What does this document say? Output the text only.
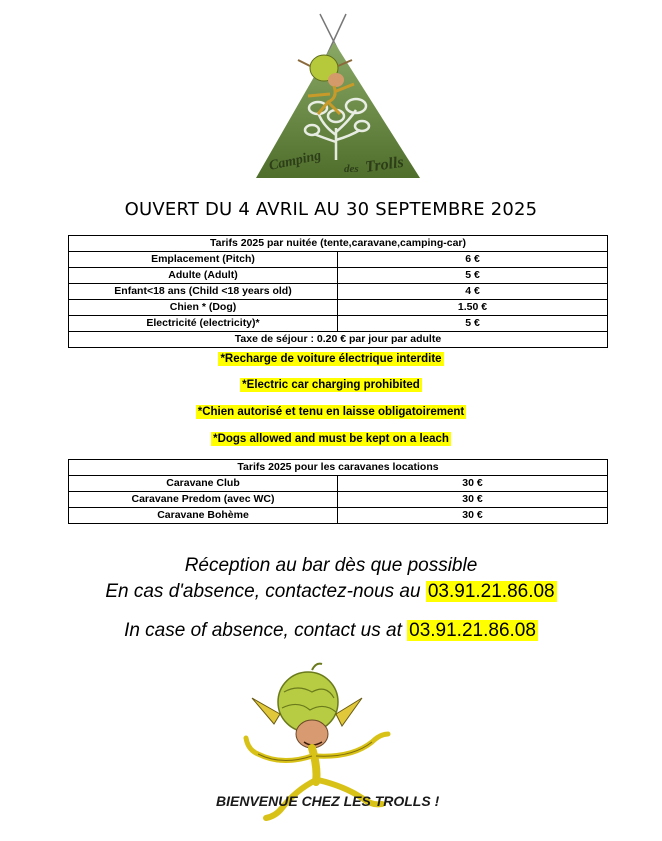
Camping des Trolls
OUVERT DU 4 AVRIL AU 30 SEPTEMBRE 2025
Tarifs 2025 par nuitée (tente,caravane,camping-car)	
Emplacement (Pitch)	6 €
Adulte (Adult)	5 €
Enfant<18 ans (Child <18 years old)	4 €
Chien * (Dog)	1.50 €
Electricité (electricity)*	5 €
Taxe de séjour : 0.20 € par jour par adulte	
*Recharge de voiture électrique interdite
*Electric car charging prohibited
*Chien autorisé et tenu en laisse obligatoirement
*Dogs allowed and must be kept on a leach
Tarifs 2025 pour les caravanes locations	
Caravane Club	30 €
Caravane Predom (avec WC)	30 €
Caravane Bohème	30 €
Réception au bar dès que possible
En cas d'absence, contactez-nous au 03.91.21.86.08
In case of absence, contact us at 03.91.21.86.08
BIENVENUE CHEZ LES TROLLS !
